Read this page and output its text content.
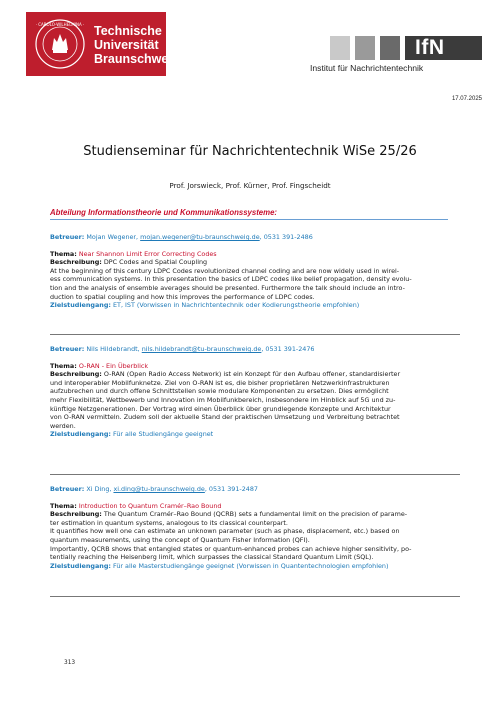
· CAROLO-WILHELMINA · Technische
Universität
Braunschweig	IfN
Institut für Nachrichtentechnik
17.07.2025
Studienseminar für Nachrichtentechnik WiSe 25/26
Prof. Jorswieck, Prof. Kürner, Prof. Fingscheidt
Abteilung Informationstheorie und Kommunikationssysteme:

Betreuer: Mojan Wegener, mojan.wegener@tu-braunschweig.de, 0531 391-2486

Thema: Near Shannon Limit Error Correcting Codes

Beschreibung: DPC Codes and Spatial Coupling

At the beginning of this century LDPC Codes revolutionized channel coding and are now widely used in wirel-

ess communication systems. In this presentation the basics of LDPC codes like belief propagation, density evolu-

tion and the analysis of ensemble averages should be presented. Furthermore the talk should include an intro-

duction to spatial coupling and how this improves the performance of LDPC codes.

Zielstudiengang: ET, IST (Vorwissen in Nachrichtentechnik oder Kodierungstheorie empfohlen)

Betreuer: Nils Hildebrandt, nils.hildebrandt@tu-braunschweig.de, 0531 391-2476

Thema: O-RAN - Ein Überblick

Beschreibung: O-RAN (Open Radio Access Network) ist ein Konzept für den Aufbau offener, standardisierter

und interoperabler Mobilfunknetze. Ziel von O-RAN ist es, die bisher proprietären Netzwerkinfrastrukturen

aufzubrechen und durch offene Schnittstellen sowie modulare Komponenten zu ersetzen. Dies ermöglicht

mehr Flexibilität, Wettbewerb und Innovation im Mobilfunkbereich, insbesondere im Hinblick auf 5G und zu-

künftige Netzgenerationen. Der Vortrag wird einen Überblick über grundlegende Konzepte und Architektur

von O-RAN vermitteln. Zudem soll der aktuelle Stand der praktischen Umsetzung und Verbreitung betrachtet

werden.

Zielstudiengang: Für alle Studiengänge geeignet

Betreuer: Xi Ding, xi.ding@tu-braunschweig.de, 0531 391-2487

Thema: Introduction to Quantum Cramér–Rao Bound

Beschreibung: The Quantum Cramér–Rao Bound (QCRB) sets a fundamental limit on the precision of parame-

ter estimation in quantum systems, analogous to its classical counterpart.

It quantifies how well one can estimate an unknown parameter (such as phase, displacement, etc.) based on

quantum measurements, using the concept of Quantum Fisher Information (QFI).

Importantly, QCRB shows that entangled states or quantum-enhanced probes can achieve higher sensitivity, po-

tentially reaching the Heisenberg limit, which surpasses the classical Standard Quantum Limit (SQL).

Zielstudiengang: Für alle Masterstudiengänge geeignet (Vorwissen in Quantentechnologien empfohlen)

313
